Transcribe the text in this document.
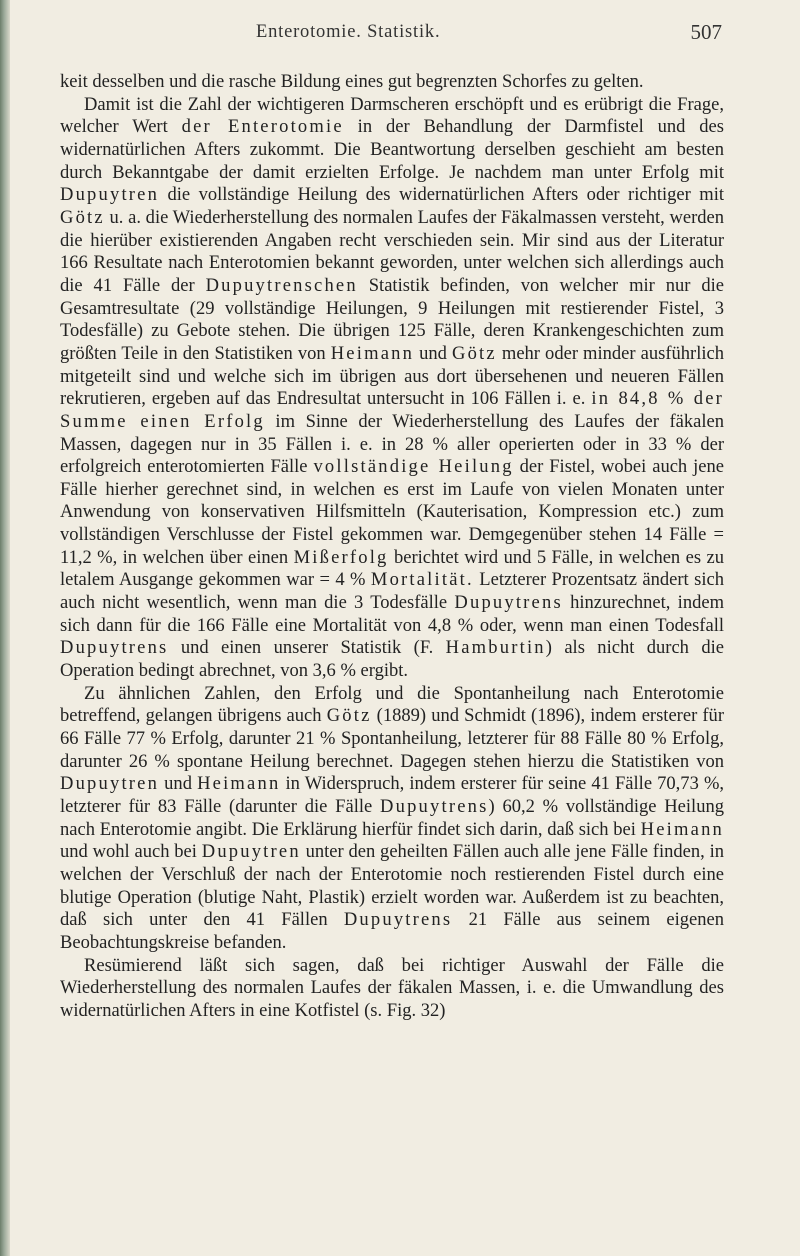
Enterotomie. Statistik.	507

keit desselben und die rasche Bildung eines gut begrenzten Schorfes zu gelten.

Damit ist die Zahl der wichtigeren Darmscheren erschöpft und es erübrigt die Frage, welcher Wert der Enterotomie in der Behandlung der Darmfistel und des widernatürlichen Afters zukommt. Die Beantwortung derselben geschieht am besten durch Bekanntgabe der damit erzielten Erfolge. Je nachdem man unter Erfolg mit Dupuytren die vollständige Heilung des widernatürlichen Afters oder richtiger mit Götz u. a. die Wiederherstellung des normalen Laufes der Fäkalmassen versteht, werden die hierüber existierenden Angaben recht verschieden sein. Mir sind aus der Literatur 166 Resultate nach Enterotomien bekannt geworden, unter welchen sich allerdings auch die 41 Fälle der Dupuytrenschen Statistik befinden, von welcher mir nur die Gesamtresultate (29 vollständige Heilungen, 9 Heilungen mit restierender Fistel, 3 Todesfälle) zu Gebote stehen. Die übrigen 125 Fälle, deren Krankengeschichten zum größten Teile in den Statistiken von Heimann und Götz mehr oder minder ausführlich mitgeteilt sind und welche sich im übrigen aus dort übersehenen und neueren Fällen rekrutieren, ergeben auf das Endresultat untersucht in 106 Fällen i. e. in 84,8 % der Summe einen Erfolg im Sinne der Wiederherstellung des Laufes der fäkalen Massen, dagegen nur in 35 Fällen i. e. in 28 % aller operierten oder in 33 % der erfolgreich enterotomierten Fälle vollständige Heilung der Fistel, wobei auch jene Fälle hierher gerechnet sind, in welchen es erst im Laufe von vielen Monaten unter Anwendung von konservativen Hilfsmitteln (Kauterisation, Kompression etc.) zum vollständigen Verschlusse der Fistel gekommen war. Demgegenüber stehen 14 Fälle = 11,2 %, in welchen über einen Mißerfolg berichtet wird und 5 Fälle, in welchen es zu letalem Ausgange gekommen war = 4 % Mortalität. Letzterer Prozentsatz ändert sich auch nicht wesentlich, wenn man die 3 Todesfälle Dupuytrens hinzurechnet, indem sich dann für die 166 Fälle eine Mortalität von 4,8 % oder, wenn man einen Todesfall Dupuytrens und einen unserer Statistik (F. Hamburtin) als nicht durch die Operation bedingt abrechnet, von 3,6 % ergibt.

Zu ähnlichen Zahlen, den Erfolg und die Spontanheilung nach Enterotomie betreffend, gelangen übrigens auch Götz (1889) und Schmidt (1896), indem ersterer für 66 Fälle 77 % Erfolg, darunter 21 % Spontanheilung, letzterer für 88 Fälle 80 % Erfolg, darunter 26 % spontane Heilung berechnet. Dagegen stehen hierzu die Statistiken von Dupuytren und Heimann in Widerspruch, indem ersterer für seine 41 Fälle 70,73 %, letzterer für 83 Fälle (darunter die Fälle Dupuytrens) 60,2 % vollständige Heilung nach Enterotomie angibt. Die Erklärung hierfür findet sich darin, daß sich bei Heimann und wohl auch bei Dupuytren unter den geheilten Fällen auch alle jene Fälle finden, in welchen der Verschluß der nach der Enterotomie noch restierenden Fistel durch eine blutige Operation (blutige Naht, Plastik) erzielt worden war. Außerdem ist zu beachten, daß sich unter den 41 Fällen Dupuytrens 21 Fälle aus seinem eigenen Beobachtungskreise befanden.

Resümierend läßt sich sagen, daß bei richtiger Auswahl der Fälle die Wiederherstellung des normalen Laufes der fäkalen Massen, i. e. die Umwandlung des widernatürlichen Afters in eine Kotfistel (s. Fig. 32)
